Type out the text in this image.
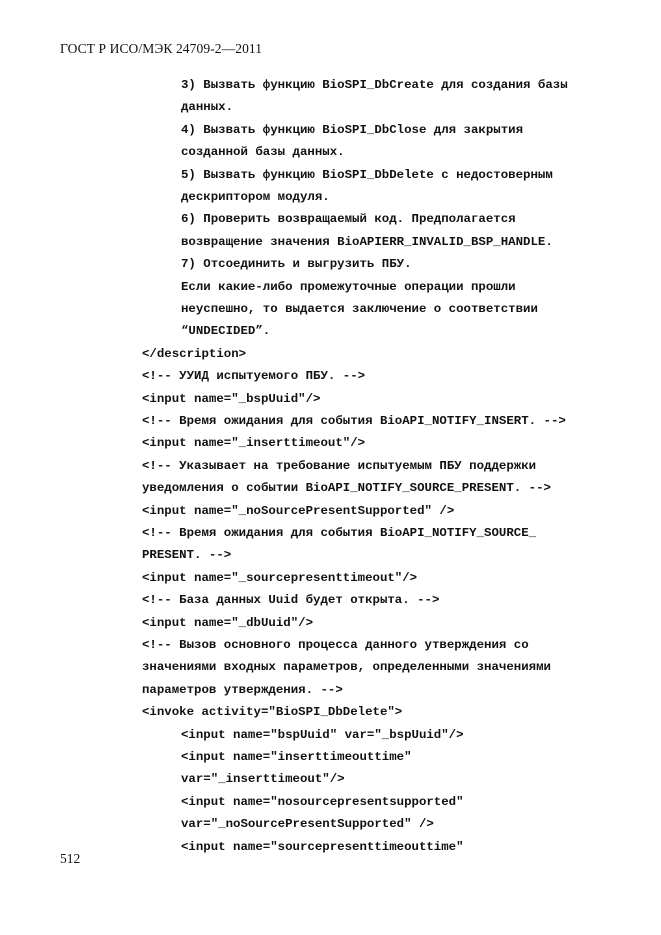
ГОСТ Р ИСО/МЭК 24709-2—2011
3) Вызвать функцию BioSPI_DbCreate для создания базы
данных.
4) Вызвать функцию BioSPI_DbClose для закрытия
созданной базы данных.
5) Вызвать функцию BioSPI_DbDelete с недостоверным
дескриптором модуля.
6) Проверить возвращаемый код. Предполагается
возвращение значения BioAPIERR_INVALID_BSP_HANDLE.
7) Отсоединить и выгрузить ПБУ.
Если какие-либо промежуточные операции прошли
неуспешно, то выдается заключение о соответствии
“UNDECIDED”.
</description>
<!-- УУИД испытуемого ПБУ. -->
<input name="_bspUuid"/>
<!-- Время ожидания для события BioAPI_NOTIFY_INSERT. -->
<input name="_inserttimeout"/>
<!-- Указывает на требование испытуемым ПБУ поддержки
уведомления о событии BioAPI_NOTIFY_SOURCE_PRESENT. -->
<input name="_noSourcePresentSupported" />
<!-- Время ожидания для события BioAPI_NOTIFY_SOURCE_
PRESENT. -->
<input name="_sourcepresenttimeout"/>
<!-- База данных Uuid будет открыта. -->
<input name="_dbUuid"/>
<!-- Вызов основного процесса данного утверждения со
значениями входных параметров, определенными значениями
параметров утверждения. -->
<invoke activity="BioSPI_DbDelete">
<input name="bspUuid" var="_bspUuid"/>
<input name="inserttimeouttime"
var="_inserttimeout"/>
<input name="nosourcepresentsupported"
var="_noSourcePresentSupported" />
<input name="sourcepresenttimeouttime"
512
